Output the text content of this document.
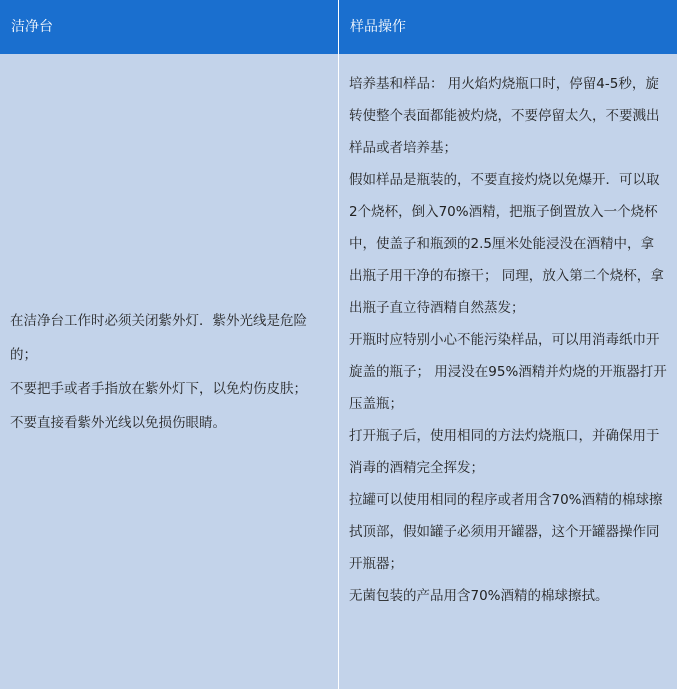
洁净台	样品操作

在洁净台工作时必须关闭紫外灯．紫外光线是危险的；

不要把手或者手指放在紫外灯下，以免灼伤皮肤；

不要直接看紫外光线以免损伤眼睛。

培养基和样品： 用火焰灼烧瓶口时，停留4-5秒，旋转使整个表面都能被灼烧，不要停留太久，不要溅出样品或者培养基；

假如样品是瓶装的，不要直接灼烧以免爆开．可以取2个烧杯，倒入70%酒精，把瓶子倒置放入一个烧杯中，使盖子和瓶颈的2.5厘米处能浸没在酒精中，拿出瓶子用干净的布擦干； 同理，放入第二个烧杯，拿出瓶子直立待酒精自然蒸发；

开瓶时应特别小心不能污染样品，可以用消毒纸巾开旋盖的瓶子； 用浸没在95%酒精并灼烧的开瓶器打开压盖瓶；

打开瓶子后，使用相同的方法灼烧瓶口，并确保用于消毒的酒精完全挥发；

拉罐可以使用相同的程序或者用含70%酒精的棉球擦拭顶部，假如罐子必须用开罐器，这个开罐器操作同开瓶器；

无菌包装的产品用含70%酒精的棉球擦拭。
